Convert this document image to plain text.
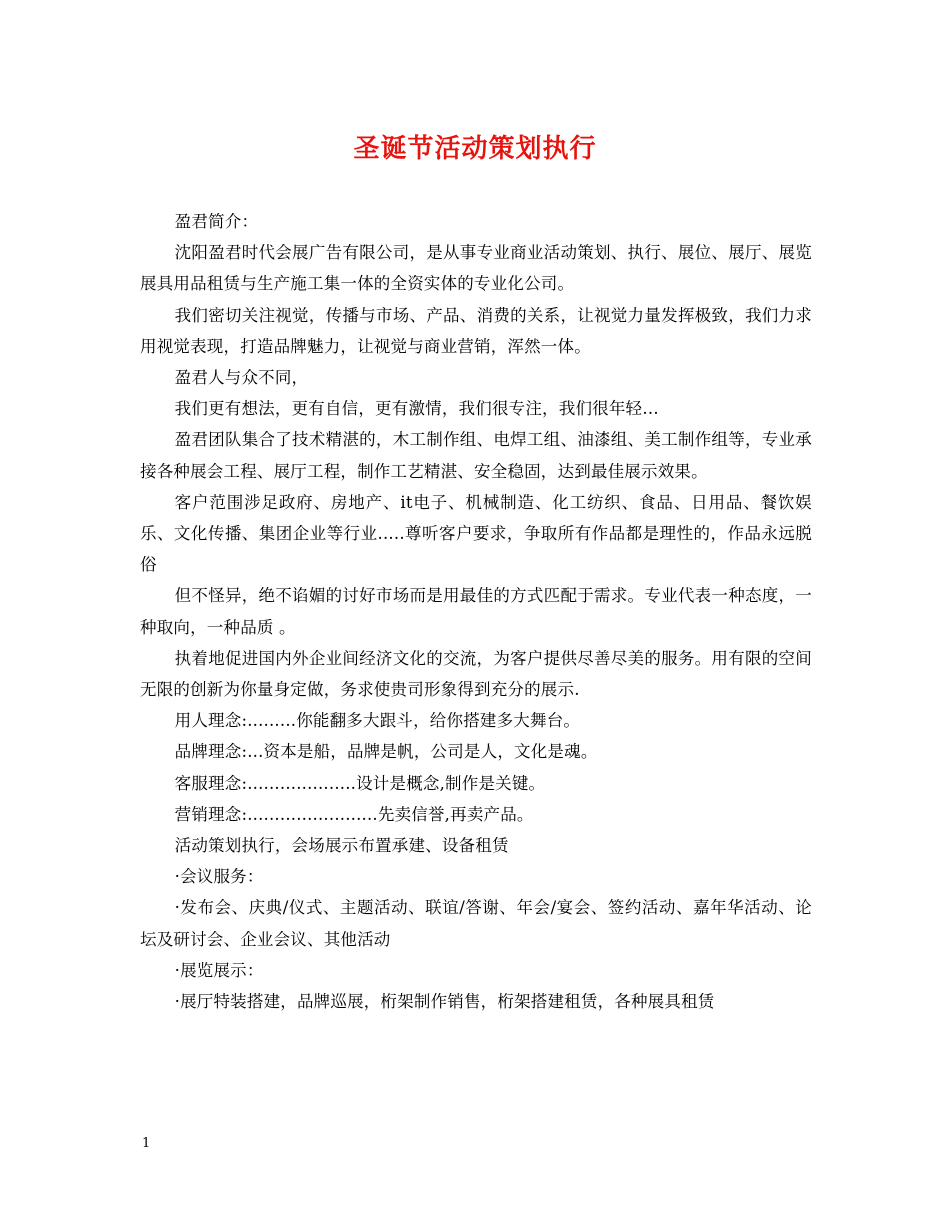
圣诞节活动策划执行

盈君简介：

沈阳盈君时代会展广告有限公司，是从事专业商业活动策划、执行、展位、展厅、展览展具用品租赁与生产施工集一体的全资实体的专业化公司。

我们密切关注视觉，传播与市场、产品、消费的关系，让视觉力量发挥极致，我们力求用视觉表现，打造品牌魅力，让视觉与商业营销，浑然一体。

盈君人与众不同，

我们更有想法，更有自信，更有激情，我们很专注，我们很年轻…

盈君团队集合了技术精湛的，木工制作组、电焊工组、油漆组、美工制作组等，专业承接各种展会工程、展厅工程，制作工艺精湛、安全稳固，达到最佳展示效果。

客户范围涉足政府、房地产、it电子、机械制造、化工纺织、食品、日用品、餐饮娱乐、文化传播、集团企业等行业.....尊听客户要求，争取所有作品都是理性的，作品永远脱俗

但不怪异，绝不谄媚的讨好市场而是用最佳的方式匹配于需求。专业代表一种态度，一种取向，一种品质 。

执着地促进国内外企业间经济文化的交流，为客户提供尽善尽美的服务。用有限的空间无限的创新为你量身定做，务求使贵司形象得到充分的展示.

用人理念:.........你能翻多大跟斗，给你搭建多大舞台。

品牌理念:...资本是船，品牌是帆，公司是人，文化是魂。

客服理念:....................设计是概念,制作是关键。

营销理念:........................先卖信誉,再卖产品。

活动策划执行，会场展示布置承建、设备租赁

·会议服务：

·发布会、庆典/仪式、主题活动、联谊/答谢、年会/宴会、签约活动、嘉年华活动、论坛及研讨会、企业会议、其他活动

·展览展示：

·展厅特装搭建，品牌巡展，桁架制作销售，桁架搭建租赁，各种展具租赁

1
